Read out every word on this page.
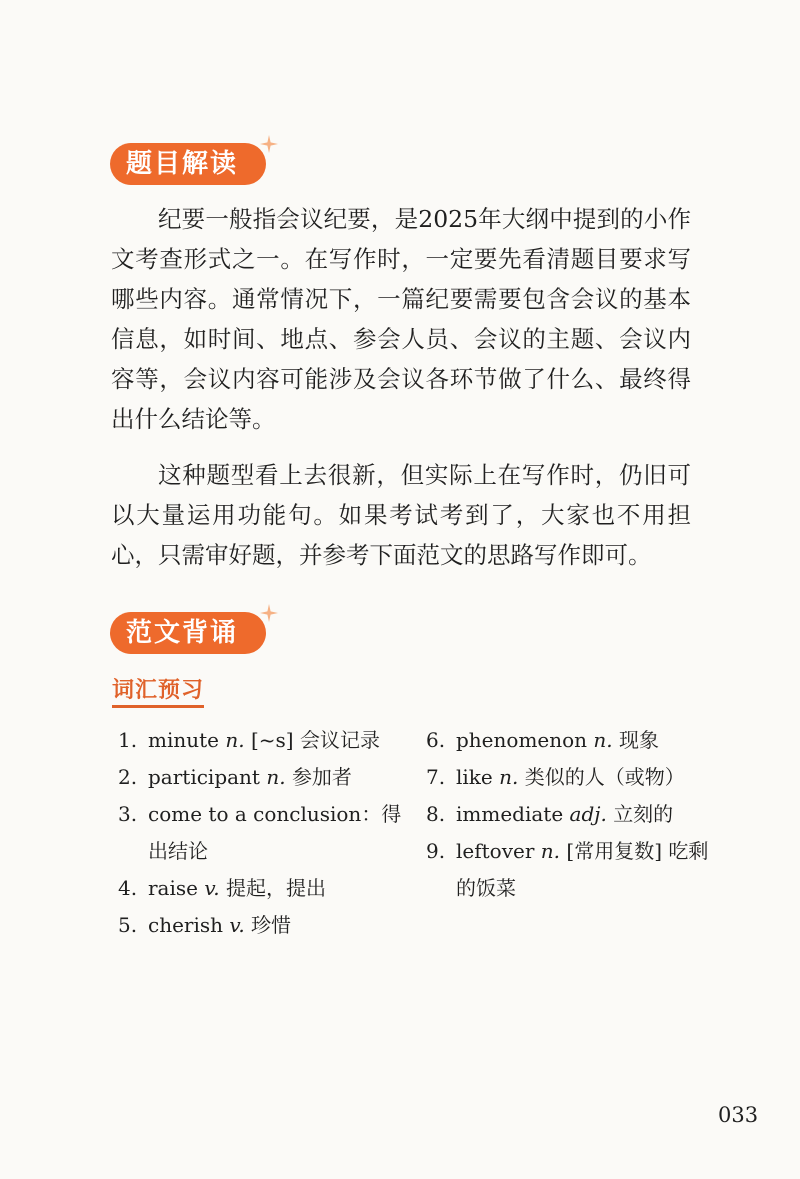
题目解读

纪要一般指会议纪要，是2025年大纲中提到的小作文考查形式之一。在写作时，一定要先看清题目要求写哪些内容。通常情况下，一篇纪要需要包含会议的基本信息，如时间、地点、参会人员、会议的主题、会议内容等，会议内容可能涉及会议各环节做了什么、最终得出什么结论等。

这种题型看上去很新，但实际上在写作时，仍旧可以大量运用功能句。如果考试考到了，大家也不用担心，只需审好题，并参考下面范文的思路写作即可。

范文背诵
词汇预习
1. minute n. [~s] 会议记录
2. participant n. 参加者
3. come to a conclusion：得出结论
4. raise v. 提起，提出
5. cherish v. 珍惜
6. phenomenon n. 现象
7. like n. 类似的人（或物）
8. immediate adj. 立刻的
9. leftover n. [常用复数] 吃剩的饭菜
033
